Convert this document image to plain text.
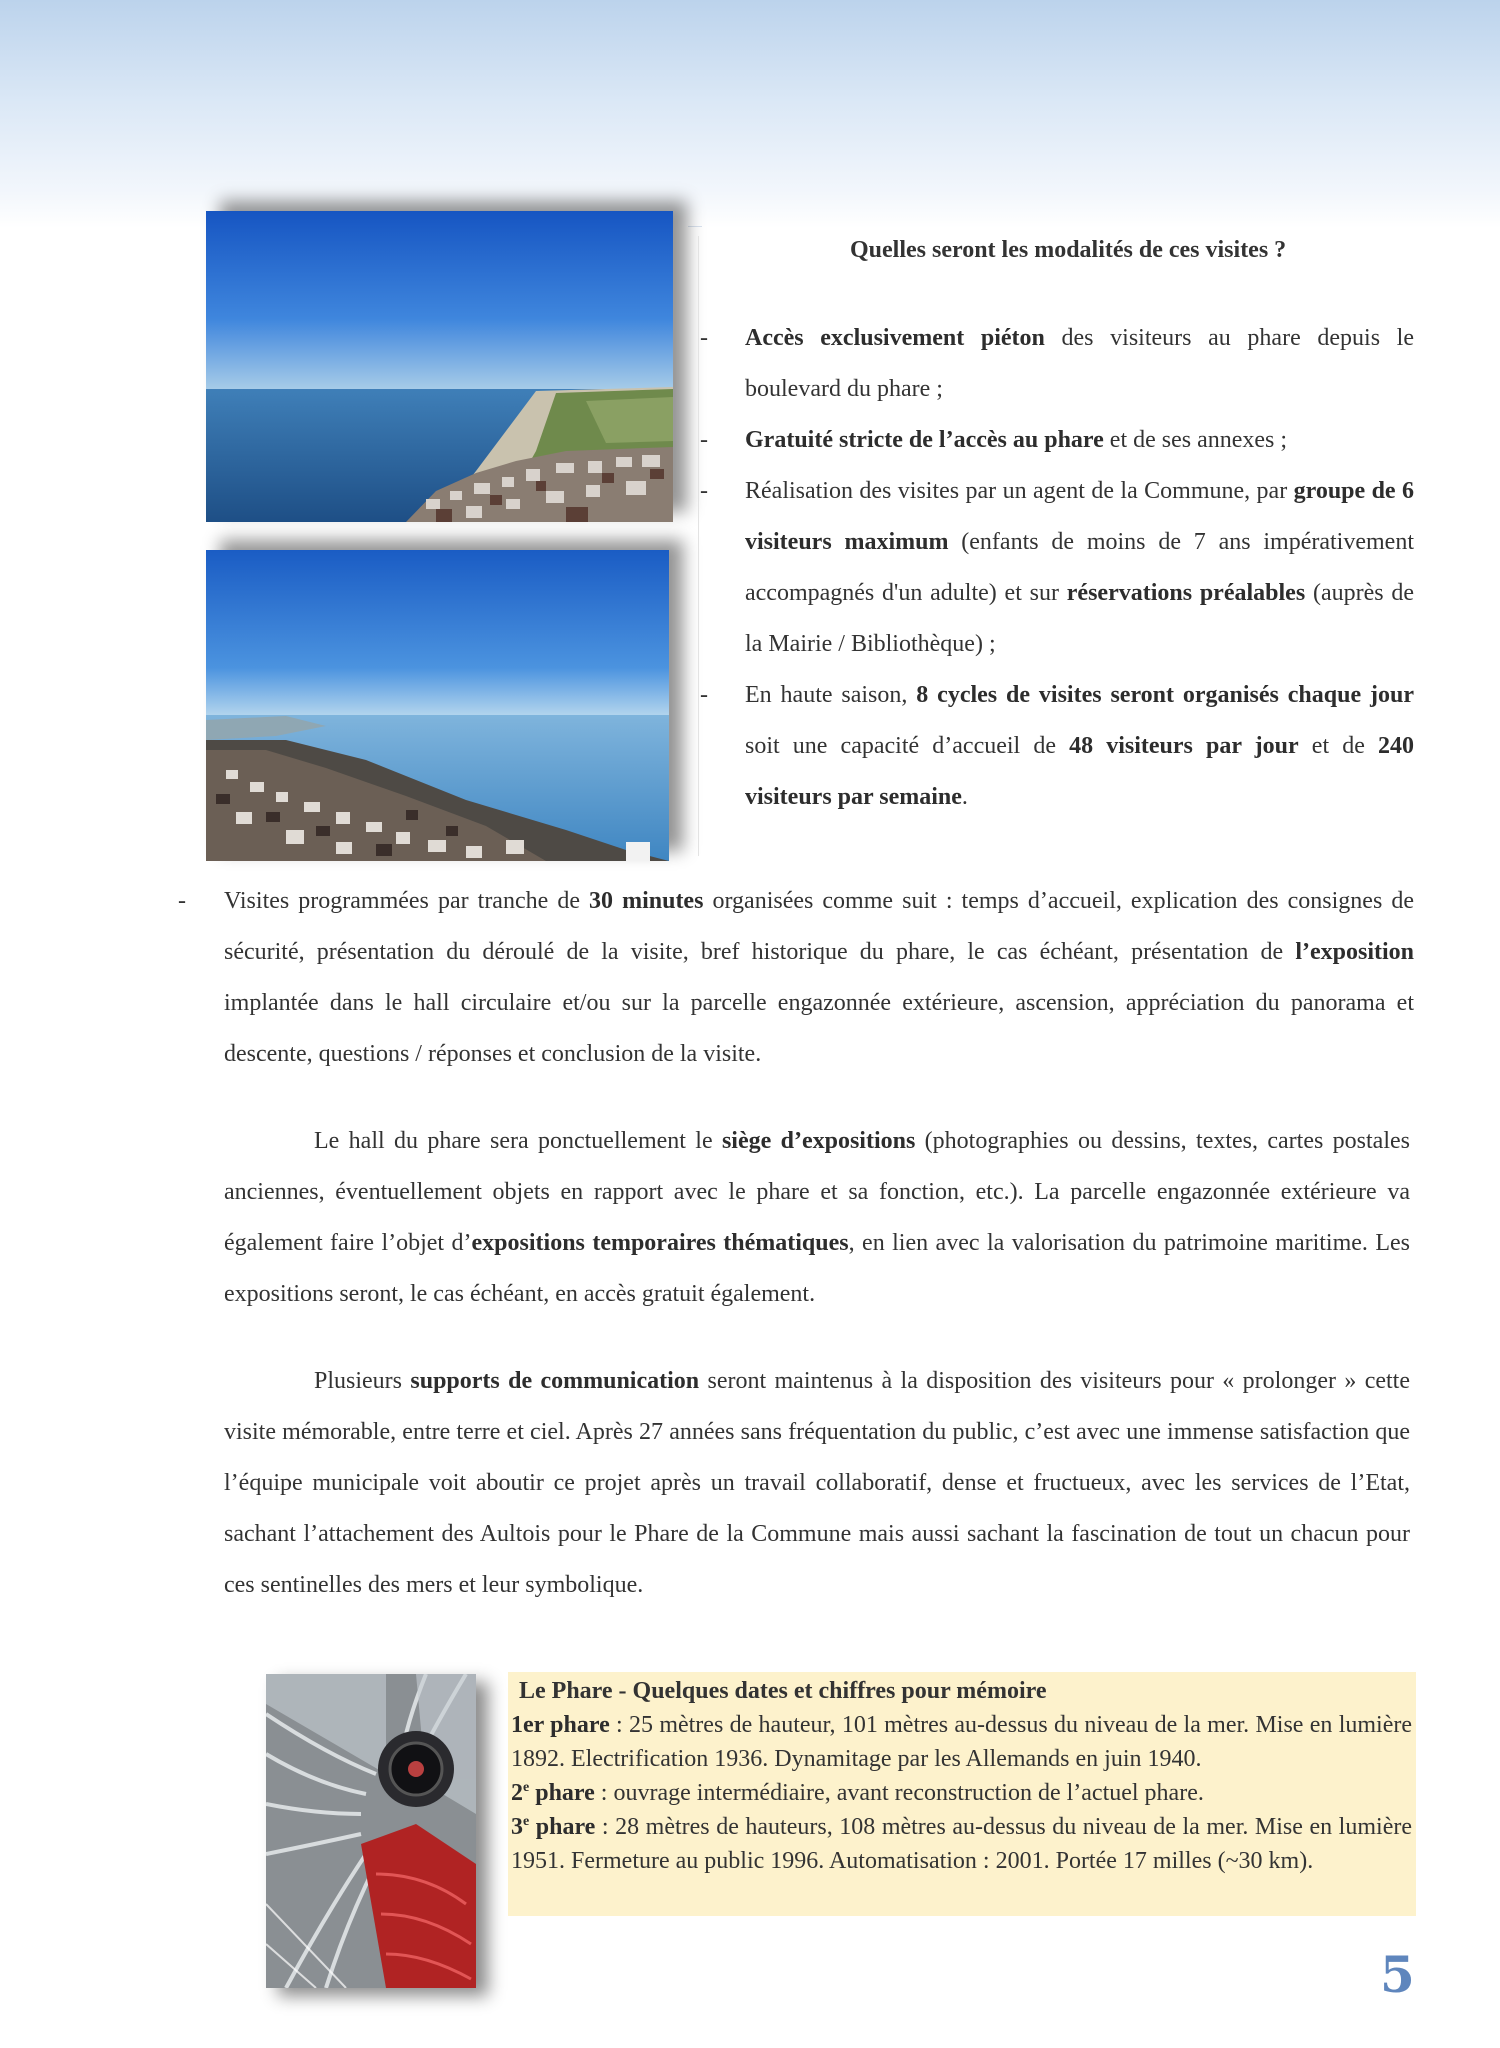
Quelles seront les modalités de ces visites ?
- Accès exclusivement piéton des visiteurs au phare depuis le boulevard du phare ;
- Gratuité stricte de l’accès au phare et de ses annexes ;
- Réalisation des visites par un agent de la Commune, par groupe de 6 visiteurs maximum (enfants de moins de 7 ans impérativement accompagnés d'un adulte) et sur réservations préalables (auprès de la Mairie / Bibliothèque) ;
- En haute saison, 8 cycles de visites seront organisés chaque jour soit une capacité d’accueil de 48 visiteurs par jour et de 240 visiteurs par semaine.
- Visites programmées par tranche de 30 minutes organisées comme suit : temps d’accueil, explication des consignes de sécurité, présentation du déroulé de la visite, bref historique du phare, le cas échéant, présentation de l’exposition implantée dans le hall circulaire et/ou sur la parcelle engazonnée extérieure, ascension, appréciation du panorama et descente, questions / réponses et conclusion de la visite.

Le hall du phare sera ponctuellement le siège d’expositions (photographies ou dessins, textes, cartes postales anciennes, éventuellement objets en rapport avec le phare et sa fonction, etc.). La parcelle engazonnée extérieure va également faire l’objet d’expositions temporaires thématiques, en lien avec la valorisation du patrimoine maritime. Les expositions seront, le cas échéant, en accès gratuit également.

Plusieurs supports de communication seront maintenus à la disposition des visiteurs pour « prolonger » cette visite mémorable, entre terre et ciel. Après 27 années sans fréquentation du public, c’est avec une immense satisfaction que l’équipe municipale voit aboutir ce projet après un travail collaboratif, dense et fructueux, avec les services de l’Etat, sachant l’attachement des Aultois pour le Phare de la Commune mais aussi sachant la fascination de tout un chacun pour ces sentinelles des mers et leur symbolique.

Le Phare - Quelques dates et chiffres pour mémoire
1er phare : 25 mètres de hauteur, 101 mètres au-dessus du niveau de la mer. Mise en lumière 1892. Electrification 1936. Dynamitage par les Allemands en juin 1940.
2e phare : ouvrage intermédiaire, avant reconstruction de l’actuel phare.
3e phare : 28 mètres de hauteurs, 108 mètres au-dessus du niveau de la mer. Mise en lumière 1951. Fermeture au public 1996. Automatisation : 2001. Portée 17 milles (~30 km).
5
